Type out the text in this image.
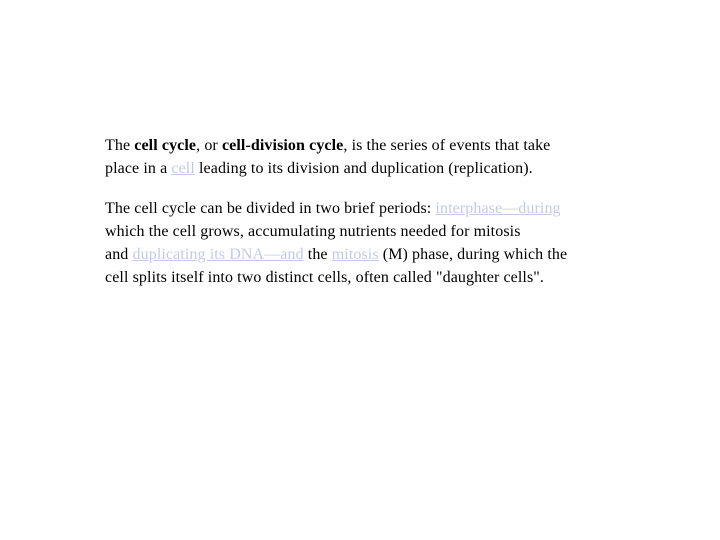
The cell cycle, or cell-division cycle, is the series of events that take
place in a cell leading to its division and duplication (replication).

The cell cycle can be divided in two brief periods: interphase—during
which the cell grows, accumulating nutrients needed for mitosis
and duplicating its DNA—and the mitosis (M) phase, during which the
cell splits itself into two distinct cells, often called "daughter cells".
